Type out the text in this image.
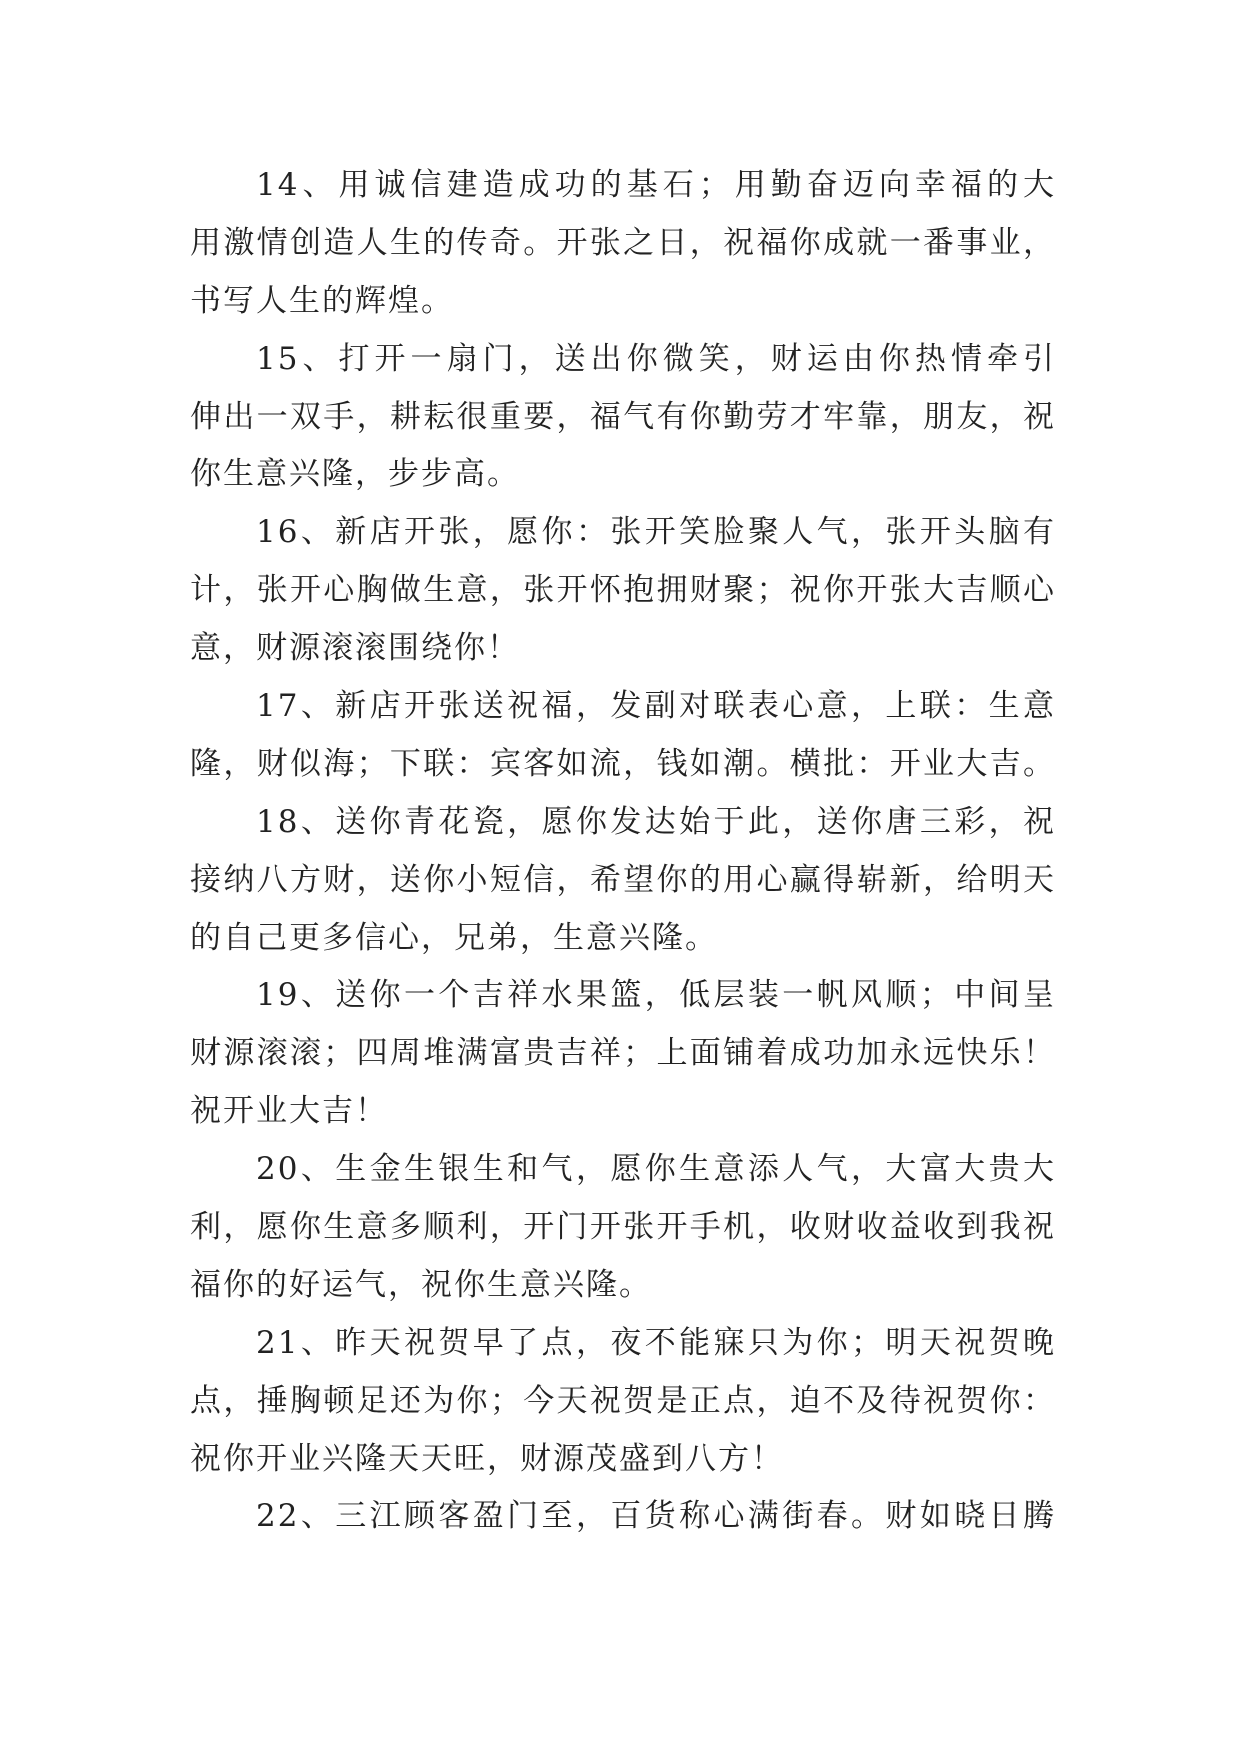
14、用诚信建造成功的基石；用勤奋迈向幸福的大
用激情创造人生的传奇。开张之日，祝福你成就一番事业，
书写人生的辉煌。
15、打开一扇门，送出你微笑，财运由你热情牵引
伸出一双手，耕耘很重要，福气有你勤劳才牢靠，朋友，祝
你生意兴隆，步步高。
16、新店开张，愿你：张开笑脸聚人气，张开头脑有
计，张开心胸做生意，张开怀抱拥财聚；祝你开张大吉顺心
意，财源滚滚围绕你！
17、新店开张送祝福，发副对联表心意，上联：生意
隆，财似海；下联：宾客如流，钱如潮。横批：开业大吉。
18、送你青花瓷，愿你发达始于此，送你唐三彩，祝
接纳八方财，送你小短信，希望你的用心赢得崭新，给明天
的自己更多信心，兄弟，生意兴隆。
19、送你一个吉祥水果篮，低层装一帆风顺；中间呈
财源滚滚；四周堆满富贵吉祥；上面铺着成功加永远快乐！
祝开业大吉！
20、生金生银生和气，愿你生意添人气，大富大贵大
利，愿你生意多顺利，开门开张开手机，收财收益收到我祝
福你的好运气，祝你生意兴隆。
21、昨天祝贺早了点，夜不能寐只为你；明天祝贺晚
点，捶胸顿足还为你；今天祝贺是正点，迫不及待祝贺你：
祝你开业兴隆天天旺，财源茂盛到八方！
22、三江顾客盈门至，百货称心满街春。财如晓日腾
